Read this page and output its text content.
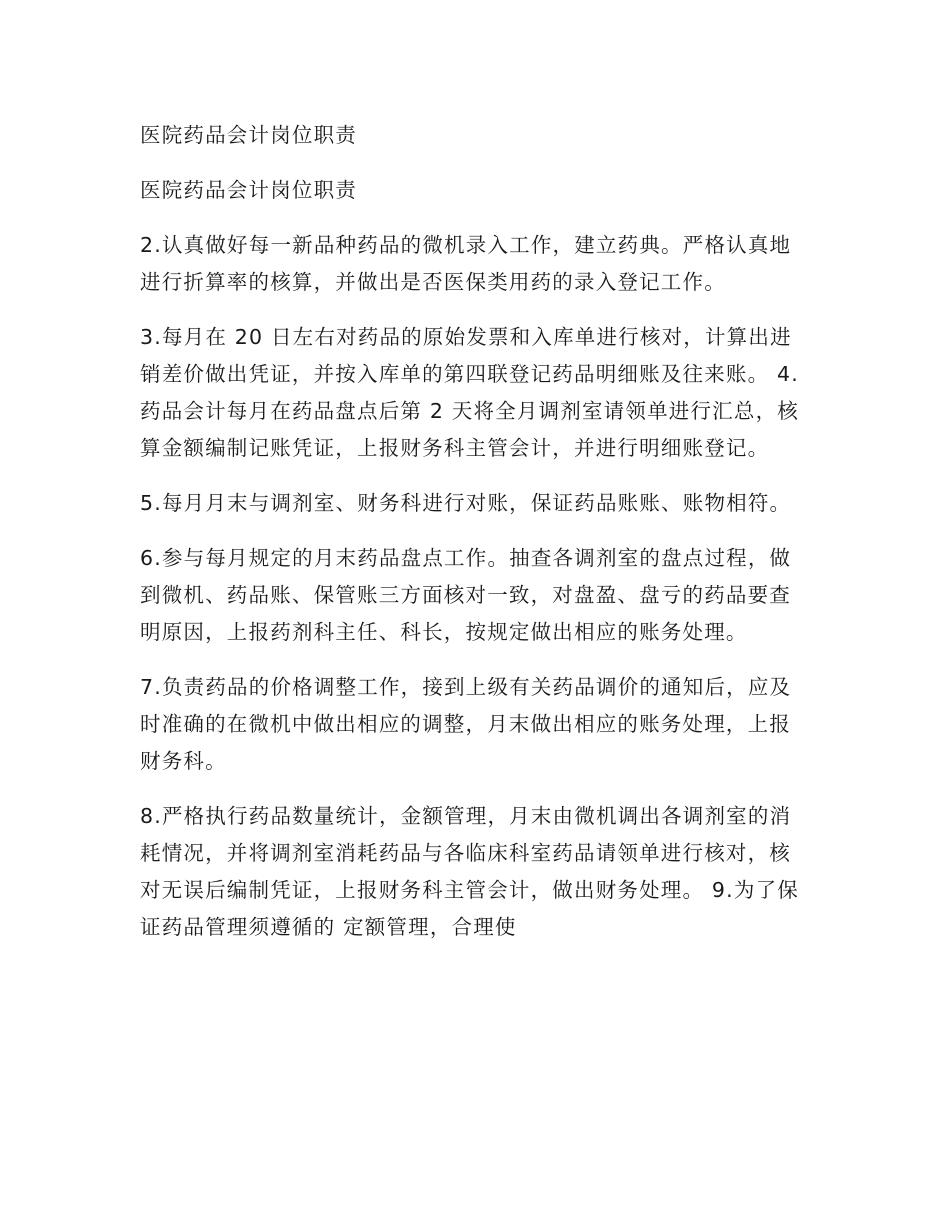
医院药品会计岗位职责

医院药品会计岗位职责

2.认真做好每一新品种药品的微机录入工作，建立药典。严格认真地进行折算率的核算，并做出是否医保类用药的录入登记工作。

3.每月在 20 日左右对药品的原始发票和入库单进行核对，计算出进销差价做出凭证，并按入库单的第四联登记药品明细账及往来账。 4.药品会计每月在药品盘点后第 2 天将全月调剂室请领单进行汇总，核算金额编制记账凭证，上报财务科主管会计，并进行明细账登记。

5.每月月末与调剂室、财务科进行对账，保证药品账账、账物相符。

6.参与每月规定的月末药品盘点工作。抽查各调剂室的盘点过程，做到微机、药品账、保管账三方面核对一致，对盘盈、盘亏的药品要查明原因，上报药剂科主任、科长，按规定做出相应的账务处理。

7.负责药品的价格调整工作，接到上级有关药品调价的通知后，应及时准确的在微机中做出相应的调整，月末做出相应的账务处理，上报财务科。

8.严格执行药品数量统计，金额管理，月末由微机调出各调剂室的消耗情况，并将调剂室消耗药品与各临床科室药品请领单进行核对，核对无误后编制凭证，上报财务科主管会计，做出财务处理。 9.为了保证药品管理须遵循的 定额管理，合理使
